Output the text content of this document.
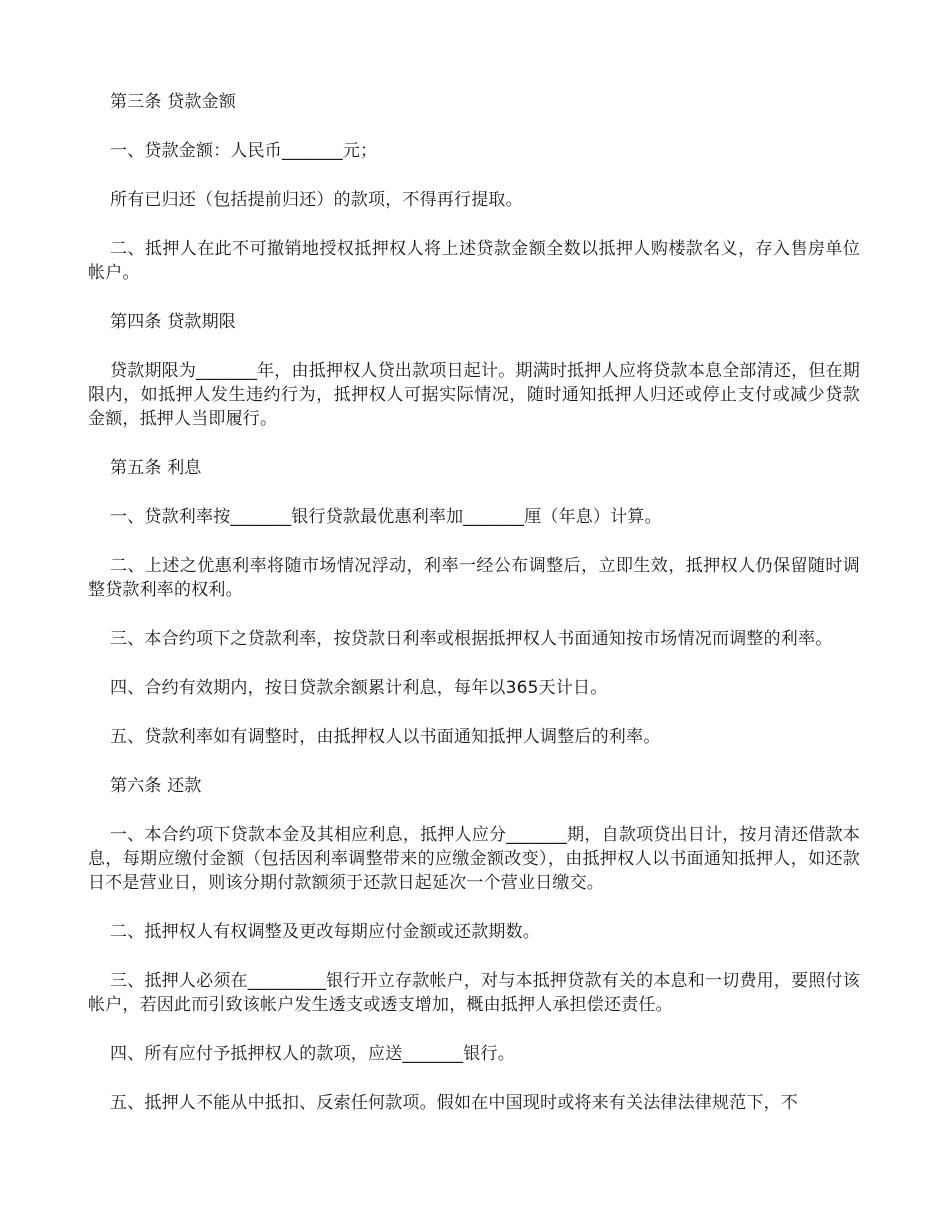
第三条 贷款金额

一、贷款金额：人民币_______元；

所有已归还（包括提前归还）的款项，不得再行提取。

二、抵押人在此不可撤销地授权抵押权人将上述贷款金额全数以抵押人购楼款名义，存入售房单位帐户。

第四条 贷款期限

贷款期限为_______年，由抵押权人贷出款项日起计。期满时抵押人应将贷款本息全部清还，但在期限内，如抵押人发生违约行为，抵押权人可据实际情况，随时通知抵押人归还或停止支付或减少贷款金额，抵押人当即履行。

第五条 利息

一、贷款利率按_______银行贷款最优惠利率加_______厘（年息）计算。

二、上述之优惠利率将随市场情况浮动，利率一经公布调整后，立即生效，抵押权人仍保留随时调整贷款利率的权利。

三、本合约项下之贷款利率，按贷款日利率或根据抵押权人书面通知按市场情况而调整的利率。

四、合约有效期内，按日贷款余额累计利息，每年以365天计日。

五、贷款利率如有调整时，由抵押权人以书面通知抵押人调整后的利率。

第六条 还款

一、本合约项下贷款本金及其相应利息，抵押人应分_______期，自款项贷出日计，按月清还借款本息，每期应缴付金额（包括因利率调整带来的应缴金额改变），由抵押权人以书面通知抵押人，如还款日不是营业日，则该分期付款额须于还款日起延次一个营业日缴交。

二、抵押权人有权调整及更改每期应付金额或还款期数。

三、抵押人必须在_________银行开立存款帐户，对与本抵押贷款有关的本息和一切费用，要照付该帐户，若因此而引致该帐户发生透支或透支增加，概由抵押人承担偿还责任。

四、所有应付予抵押权人的款项，应送_______银行。

五、抵押人不能从中抵扣、反索任何款项。假如在中国现时或将来有关法律法律规范下，不
